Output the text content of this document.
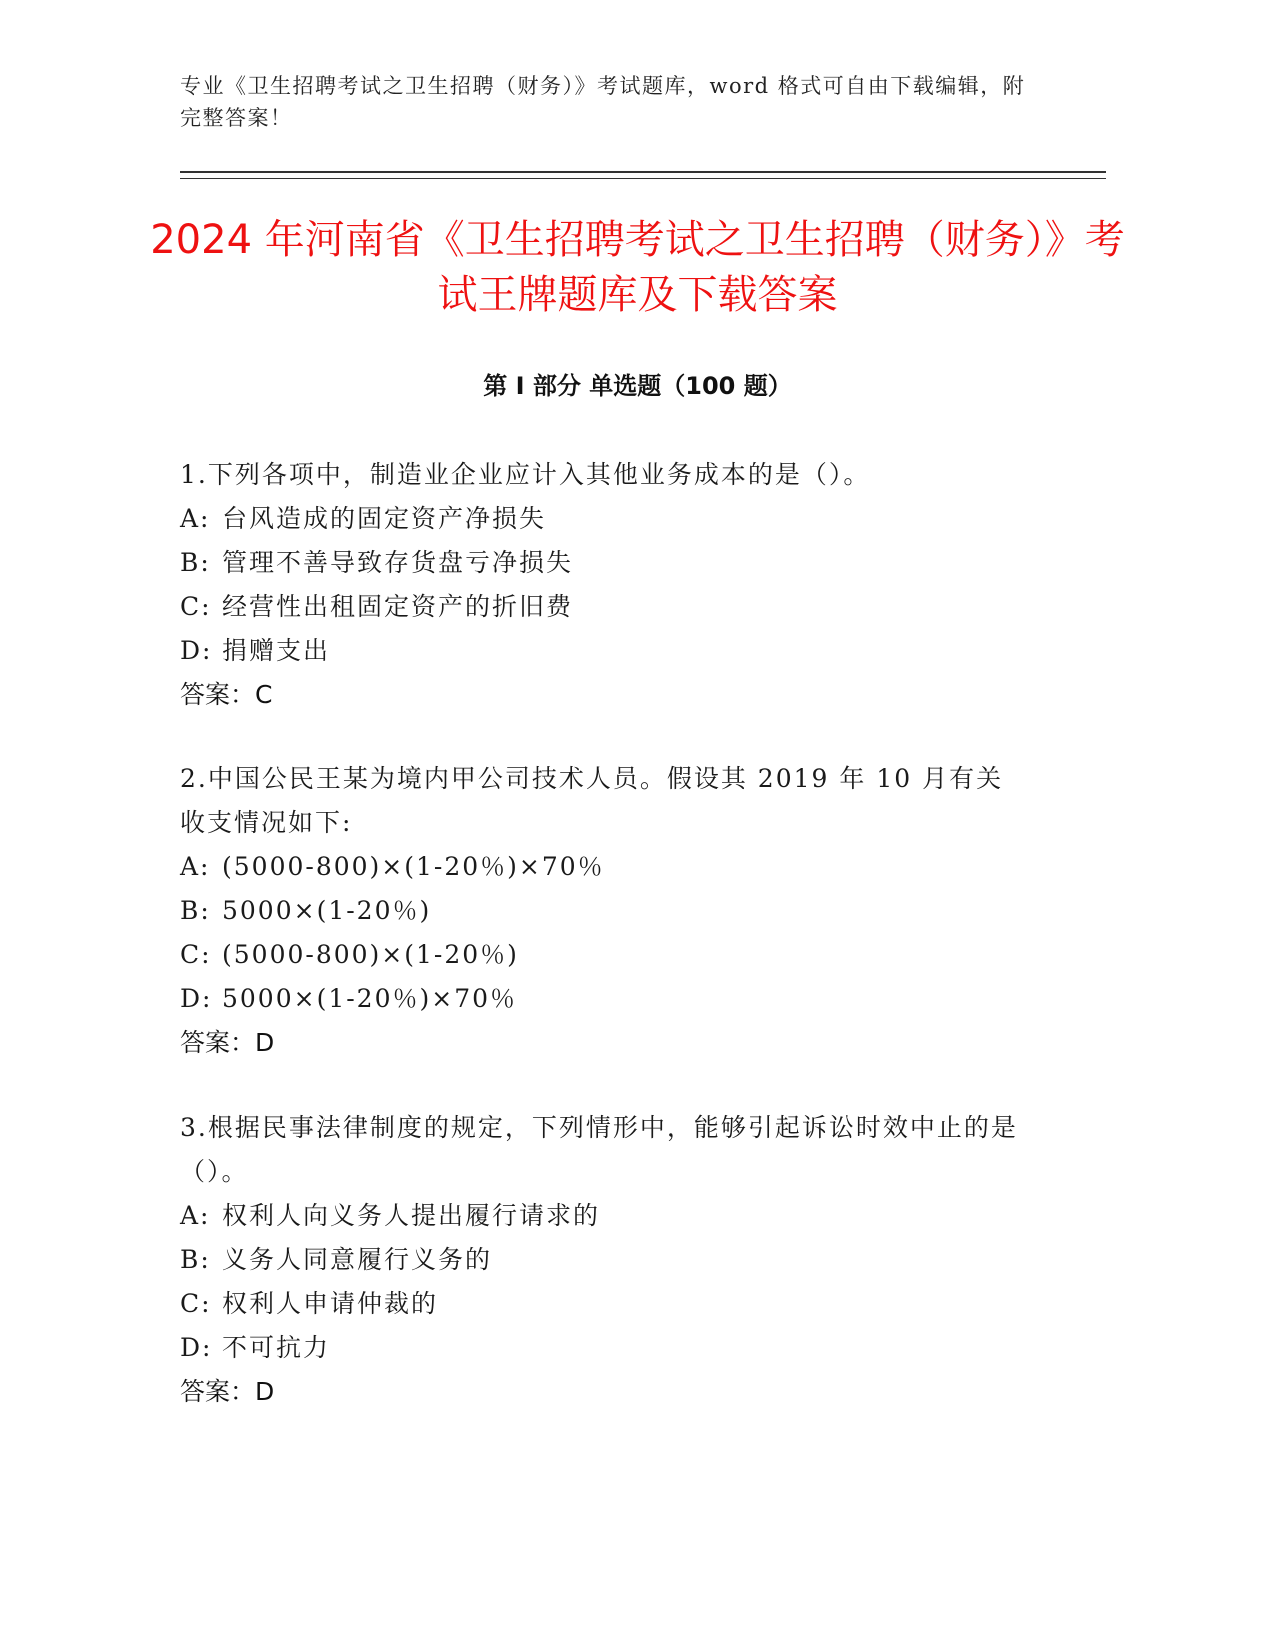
专业《卫生招聘考试之卫生招聘（财务）》考试题库，word 格式可自由下载编辑，附完整答案！
2024 年河南省《卫生招聘考试之卫生招聘（财务）》考试王牌题库及下载答案
第 I 部分 单选题（100 题）

1.下列各项中，制造业企业应计入其他业务成本的是（）。

A: 台风造成的固定资产净损失

B: 管理不善导致存货盘亏净损失

C: 经营性出租固定资产的折旧费

D: 捐赠支出

答案：C

2.中国公民王某为境内甲公司技术人员。假设其 2019 年 10 月有关收支情况如下:

A: (5000-800)×(1-20％)×70％

B: 5000×(1-20％)

C: (5000-800)×(1-20％)

D: 5000×(1-20％)×70％

答案：D

3.根据民事法律制度的规定，下列情形中，能够引起诉讼时效中止的是（）。

A: 权利人向义务人提出履行请求的

B: 义务人同意履行义务的

C: 权利人申请仲裁的

D: 不可抗力

答案：D
